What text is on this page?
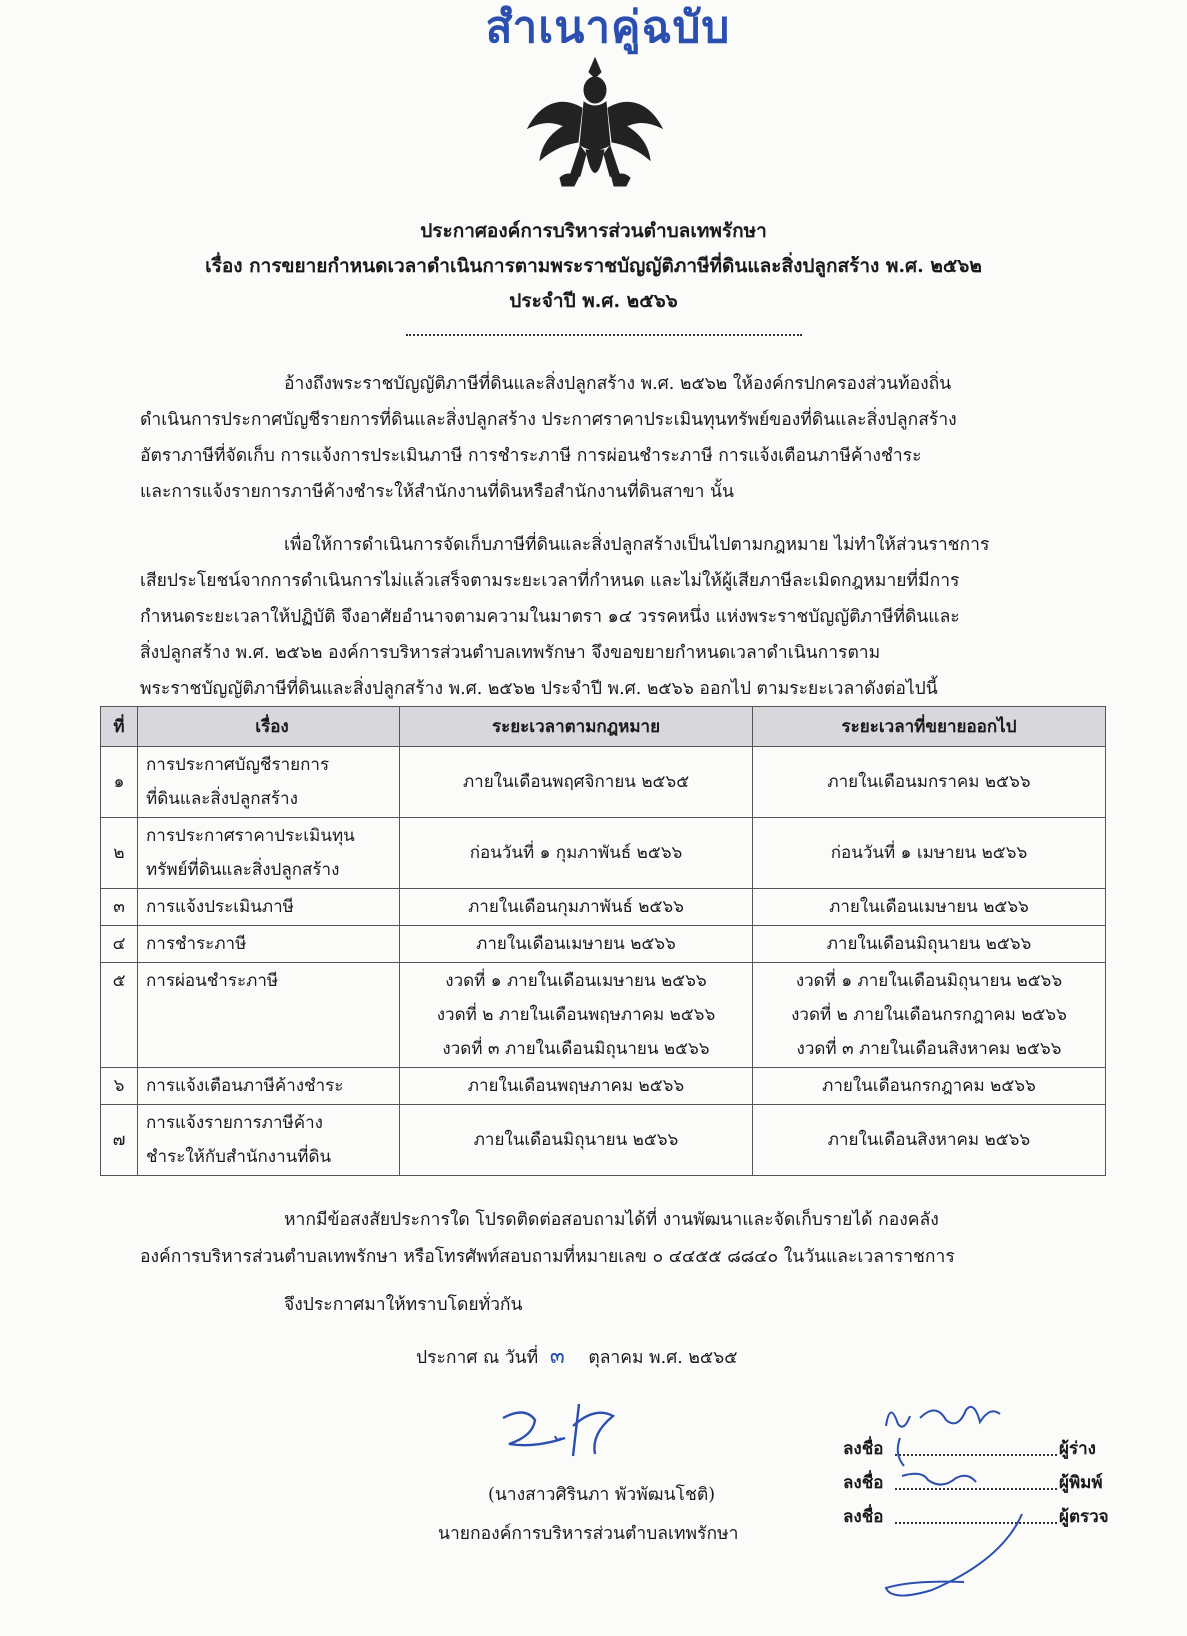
สำเนาคู่ฉบับ
ประกาศองค์การบริหารส่วนตำบลเทพรักษา
เรื่อง การขยายกำหนดเวลาดำเนินการตามพระราชบัญญัติภาษีที่ดินและสิ่งปลูกสร้าง พ.ศ. ๒๕๖๒
ประจำปี พ.ศ. ๒๕๖๖
อ้างถึงพระราชบัญญัติภาษีที่ดินและสิ่งปลูกสร้าง พ.ศ. ๒๕๖๒ ให้องค์กรปกครองส่วนท้องถิ่น
ดำเนินการประกาศบัญชีรายการที่ดินและสิ่งปลูกสร้าง ประกาศราคาประเมินทุนทรัพย์ของที่ดินและสิ่งปลูกสร้าง
อัตราภาษีที่จัดเก็บ การแจ้งการประเมินภาษี การชำระภาษี การผ่อนชำระภาษี การแจ้งเตือนภาษีค้างชำระ
และการแจ้งรายการภาษีค้างชำระให้สำนักงานที่ดินหรือสำนักงานที่ดินสาขา นั้น
เพื่อให้การดำเนินการจัดเก็บภาษีที่ดินและสิ่งปลูกสร้างเป็นไปตามกฎหมาย ไม่ทำให้ส่วนราชการ
เสียประโยชน์จากการดำเนินการไม่แล้วเสร็จตามระยะเวลาที่กำหนด และไม่ให้ผู้เสียภาษีละเมิดกฎหมายที่มีการ
กำหนดระยะเวลาให้ปฏิบัติ จึงอาศัยอำนาจตามความในมาตรา ๑๔ วรรคหนึ่ง แห่งพระราชบัญญัติภาษีที่ดินและ
สิ่งปลูกสร้าง พ.ศ. ๒๕๖๒ องค์การบริหารส่วนตำบลเทพรักษา จึงขอขยายกำหนดเวลาดำเนินการตาม
พระราชบัญญัติภาษีที่ดินและสิ่งปลูกสร้าง พ.ศ. ๒๕๖๒ ประจำปี พ.ศ. ๒๕๖๖ ออกไป ตามระยะเวลาดังต่อไปนี้
ที่	เรื่อง	ระยะเวลาตามกฎหมาย	ระยะเวลาที่ขยายออกไป
๑	การประกาศบัญชีรายการ
ที่ดินและสิ่งปลูกสร้าง	ภายในเดือนพฤศจิกายน ๒๕๖๕	ภายในเดือนมกราคม ๒๕๖๖
๒	การประกาศราคาประเมินทุน
ทรัพย์ที่ดินและสิ่งปลูกสร้าง	ก่อนวันที่ ๑ กุมภาพันธ์ ๒๕๖๖	ก่อนวันที่ ๑ เมษายน ๒๕๖๖
๓	การแจ้งประเมินภาษี	ภายในเดือนกุมภาพันธ์ ๒๕๖๖	ภายในเดือนเมษายน ๒๕๖๖
๔	การชำระภาษี	ภายในเดือนเมษายน ๒๕๖๖	ภายในเดือนมิถุนายน ๒๕๖๖
๕	การผ่อนชำระภาษี	งวดที่ ๑ ภายในเดือนเมษายน ๒๕๖๖
งวดที่ ๒ ภายในเดือนพฤษภาคม ๒๕๖๖
งวดที่ ๓ ภายในเดือนมิถุนายน ๒๕๖๖	งวดที่ ๑ ภายในเดือนมิถุนายน ๒๕๖๖
งวดที่ ๒ ภายในเดือนกรกฎาคม ๒๕๖๖
งวดที่ ๓ ภายในเดือนสิงหาคม ๒๕๖๖

๖	การแจ้งเตือนภาษีค้างชำระ	ภายในเดือนพฤษภาคม ๒๕๖๖	ภายในเดือนกรกฎาคม ๒๕๖๖
๗	การแจ้งรายการภาษีค้าง
ชำระให้กับสำนักงานที่ดิน	ภายในเดือนมิถุนายน ๒๕๖๖	ภายในเดือนสิงหาคม ๒๕๖๖
หากมีข้อสงสัยประการใด โปรดติดต่อสอบถามได้ที่ งานพัฒนาและจัดเก็บรายได้ กองคลัง
องค์การบริหารส่วนตำบลเทพรักษา หรือโทรศัพท์สอบถามที่หมายเลข ๐ ๔๔๕๕ ๘๘๔๐ ในวันและเวลาราชการ
จึงประกาศมาให้ทราบโดยทั่วกัน
ประกาศ ณ วันที่ ๓ ตุลาคม พ.ศ. ๒๕๖๕
(นางสาวศิรินภา พัวพัฒนโชติ)
นายกองค์การบริหารส่วนตำบลเทพรักษา
ลงชื่อ	ผู้ร่าง
ลงชื่อ	ผู้พิมพ์
ลงชื่อ	ผู้ตรวจ
